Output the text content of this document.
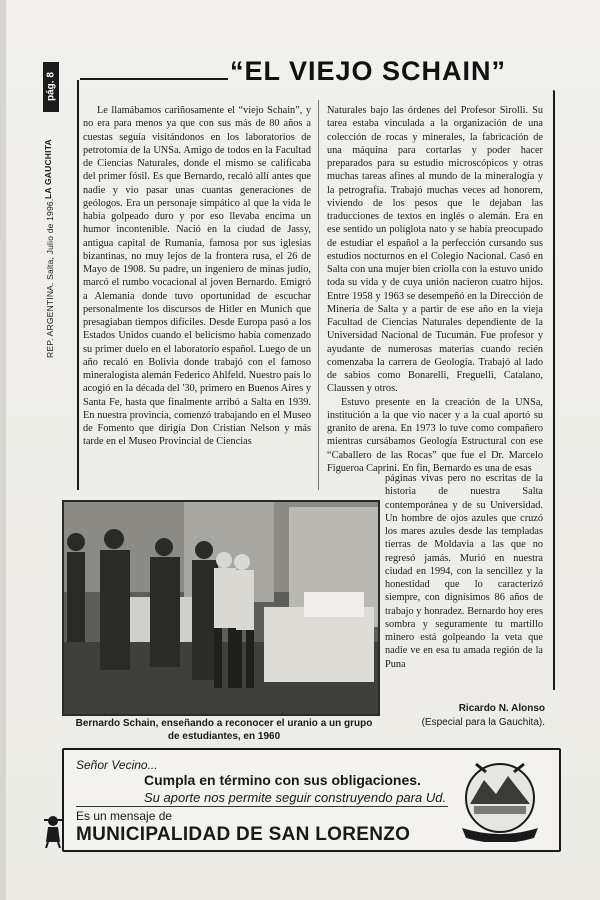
pág. 8
REP. ARGENTINA. Salta, Julio de 1996.
LA GAUCHITA
“EL VIEJO SCHAIN”

Le llamábamos cariñosamente el “viejo Schain”, y no era para menos ya que con sus más de 80 años a cuestas seguía visitándonos en los laboratorios de petrotomía de la UNSa. Amigo de todos en la Facultad de Ciencias Naturales, donde el mismo se calificaba del primer fósil. Es que Bernardo, recaló allí antes que nadie y vio pasar unas cuantas generaciones de geólogos. Era un personaje simpático al que la vida le había golpeado duro y por eso llevaba encima un humor incontenible. Nació en la ciudad de Jassy, antigua capital de Rumania, famosa por sus iglesias bizantinas, no muy lejos de la frontera rusa, el 26 de Mayo de 1908. Su padre, un ingeniero de minas judío, marcó el rumbo vocacional al joven Bernardo. Emigró a Alemania donde tuvo oportunidad de escuchar personalmente los discursos de Hitler en Munich que presagiaban tiempos difíciles. Desde Europa pasó a los Estados Unidos cuando el belicismo había comenzado su primer duelo en el laboratorio español. Luego de un año recaló en Bolivia donde trabajó con el famoso mineralogista alemán Federico Ahlfeld. Nuestro país lo acogió en la década del '30, primero en Buenos Aires y Santa Fe, hasta que finalmente arribó a Salta en 1939. En nuestra provincia, comenzó trabajando en el Museo de Fomento que dirigía Don Cristian Nelson y más tarde en el Museo Provincial de Ciencias

Naturales bajo las órdenes del Profesor Sirolli. Su tarea estaba vinculada a la organización de una colección de rocas y minerales, la fabricación de una máquina para cortarlas y poder hacer preparados para su estudio microscópicos y otras muchas tareas afines al mundo de la mineralogía y la petrografía. Trabajó muchas veces ad honorem, viviendo de los pesos que le dejaban las traducciones de textos en inglés o alemán. Era en ese sentido un políglota nato y se había preocupado de estudiar el español a la perfección cursando sus estudios nocturnos en el Colegio Nacional. Casó en Salta con una mujer bien criolla con la estuvo unido toda su vida y de cuya unión nacieron cuatro hijos. Entre 1958 y 1963 se desempeñó en la Dirección de Minería de Salta y a partir de ese año en la vieja Facultad de Ciencias Naturales dependiente de la Universidad Nacional de Tucumán. Fue profesor y ayudante de numerosas materias cuando recién comenzaba la carrera de Geología. Trabajó al lado de sabios como Bonarelli, Freguelli, Catalano, Claussen y otros.

Estuvo presente en la creación de la UNSa, institución a la que vio nacer y a la cual aportó su granito de arena. En 1973 lo tuve como compañero mientras cursábamos Geología Estructural con ese “Caballero de las Rocas” que fue el Dr. Marcelo Figueroa Caprini. En fin, Bernardo es una de esas

páginas vivas pero no escritas de la historia de nuestra Salta contemporánea y de su Universidad. Un hombre de ojos azules que cruzó los mares azules desde las templadas tierras de Moldavia a las que no regresó jamás. Murió en nuestra ciudad en 1994, con la sencillez y la honestidad que lo caracterizó siempre, con dignísimos 86 años de trabajo y honradez. Bernardo hoy eres sombra y seguramente tu martillo minero está golpeando la veta que nadie ve en esa tu amada región de la Puna

Ricardo N. Alonso
(Especial para la Gauchita).
Bernardo Schain, enseñando a reconocer el uranio a un grupo de estudiantes, en 1960
Señor Vecino...
Cumpla en término con sus obligaciones.
Su aporte nos permite seguir construyendo para Ud.
Es un mensaje de
MUNICIPALIDAD DE SAN LORENZO
